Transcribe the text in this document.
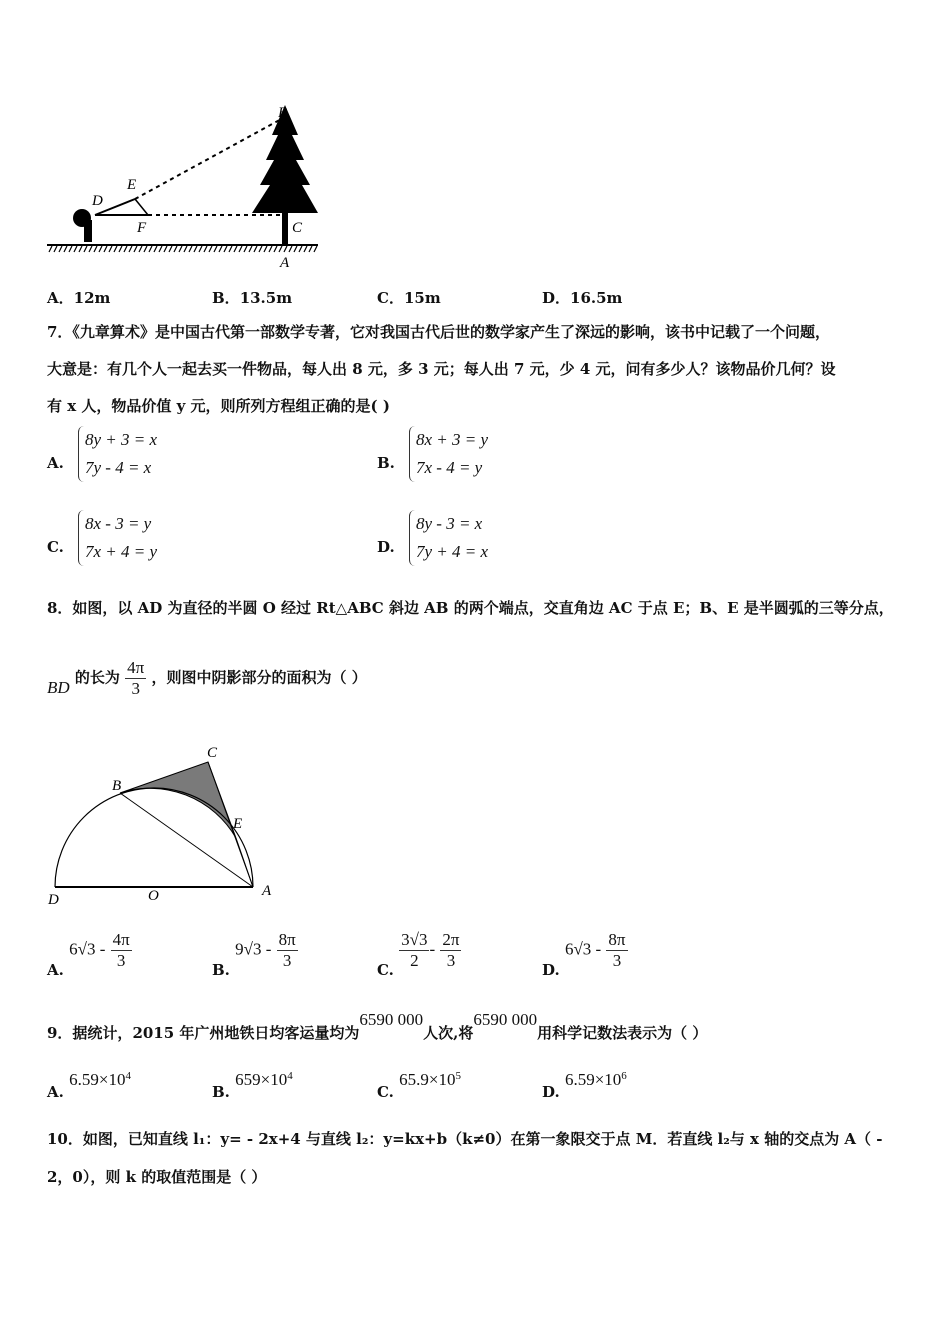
B
E
D
F	C
A
A．12m	B．13.5m	C．15m	D．16.5m
7．《九章算术》是中国古代第一部数学专著，它对我国古代后世的数学家产生了深远的影响，该书中记载了一个问题，
大意是：有几个人一起去买一件物品，每人出 8 元，多 3 元；每人出 7 元，少 4 元，问有多少人？该物品价几何？设
有 x 人，物品价值 y 元，则所列方程组正确的是( )
A.
8y + 3 = x
7y - 4 = x	B.
8x + 3 = y
7x - 4 = y
C.
8x - 3 = y
7x + 4 = y	D.
8y - 3 = x
7y + 4 = x
8．如图，以 AD 为直径的半圆 O 经过 Rt△ABC 斜边 AB 的两个端点，交直角边 AC 于点 E；B、E 是半圆弧的三等分点，
BD 的长为 $\frac{4\pi}{3}$ ，则图中阴影部分的面积为（ ）
C
B
E
D	O	A
A. $6√3 - \frac{4\pi}{3}$	B. $9√3 - \frac{8\pi}{3}$	C. $\frac{3√3}{2} - \frac{2\pi}{3}$	D. $6√3 - \frac{8\pi}{3}$
9．据统计，2015 年广州地铁日均客运量均为6590 000人次,将6590 000用科学记数法表示为（ ）
A. $6.59\times 10^4$
B. $659\times 10^4$
C. $65.9\times 10^5$
D. $6.59\times 10^6$
10．如图，已知直线 l₁：y= - 2x+4 与直线 l₂：y=kx+b（k≠0）在第一象限交于点 M．若直线 l₂与 x 轴的交点为 A（ -
2，0），则 k 的取值范围是（ ）
